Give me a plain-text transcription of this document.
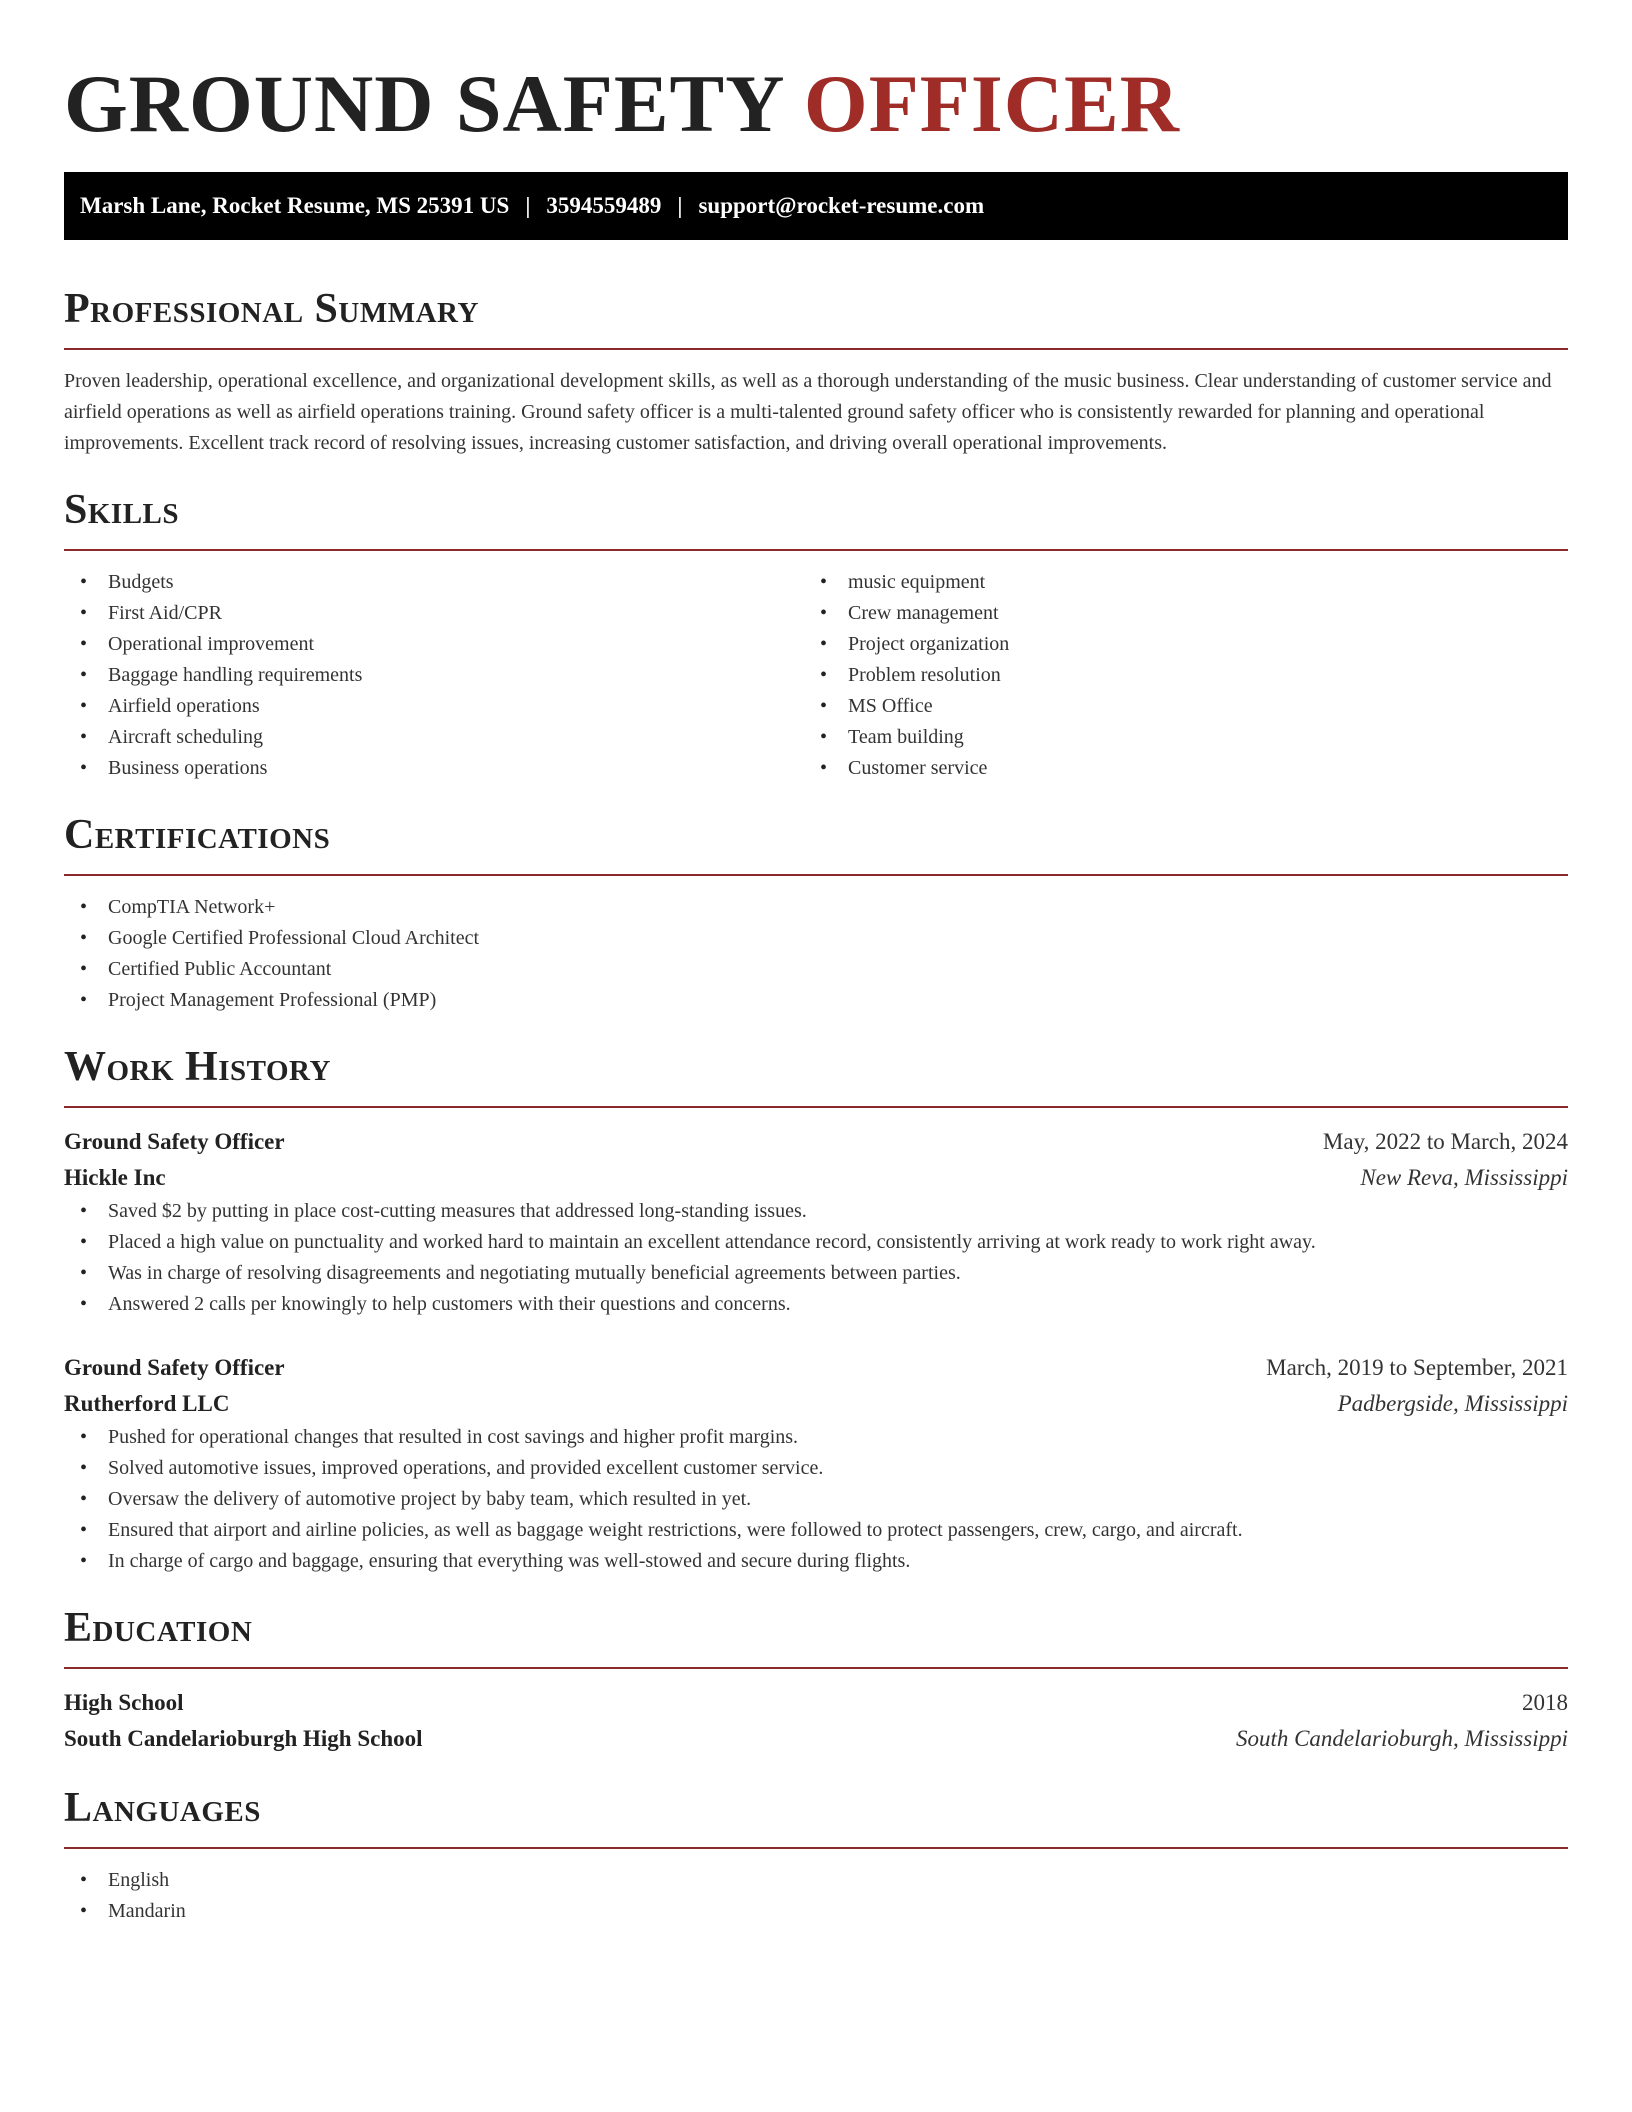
GROUND SAFETY OFFICER
Marsh Lane, Rocket Resume, MS 25391 US | 3594559489 | support@rocket-resume.com
Professional Summary

Proven leadership, operational excellence, and organizational development skills, as well as a thorough understanding of the music business. Clear understanding of customer service and airfield operations as well as airfield operations training. Ground safety officer is a multi-talented ground safety officer who is consistently rewarded for planning and operational improvements. Excellent track record of resolving issues, increasing customer satisfaction, and driving overall operational improvements.

Skills
• Budgets
• First Aid/CPR
• Operational improvement
• Baggage handling requirements
• Airfield operations
• Aircraft scheduling
• Business operations
• music equipment
• Crew management
• Project organization
• Problem resolution
• MS Office
• Team building
• Customer service
Certifications
• CompTIA Network+
• Google Certified Professional Cloud Architect
• Certified Public Accountant
• Project Management Professional (PMP)
Work History
Ground Safety Officer	May, 2022 to March, 2024
Hickle Inc	New Reva, Mississippi
• Saved $2 by putting in place cost-cutting measures that addressed long-standing issues.
• Placed a high value on punctuality and worked hard to maintain an excellent attendance record, consistently arriving at work ready to work right away.
• Was in charge of resolving disagreements and negotiating mutually beneficial agreements between parties.
• Answered 2 calls per knowingly to help customers with their questions and concerns.
Ground Safety Officer	March, 2019 to September, 2021
Rutherford LLC	Padbergside, Mississippi
• Pushed for operational changes that resulted in cost savings and higher profit margins.
• Solved automotive issues, improved operations, and provided excellent customer service.
• Oversaw the delivery of automotive project by baby team, which resulted in yet.
• Ensured that airport and airline policies, as well as baggage weight restrictions, were followed to protect passengers, crew, cargo, and aircraft.
• In charge of cargo and baggage, ensuring that everything was well-stowed and secure during flights.
Education
High School	2018
South Candelarioburgh High School	South Candelarioburgh, Mississippi
Languages
• English
• Mandarin
